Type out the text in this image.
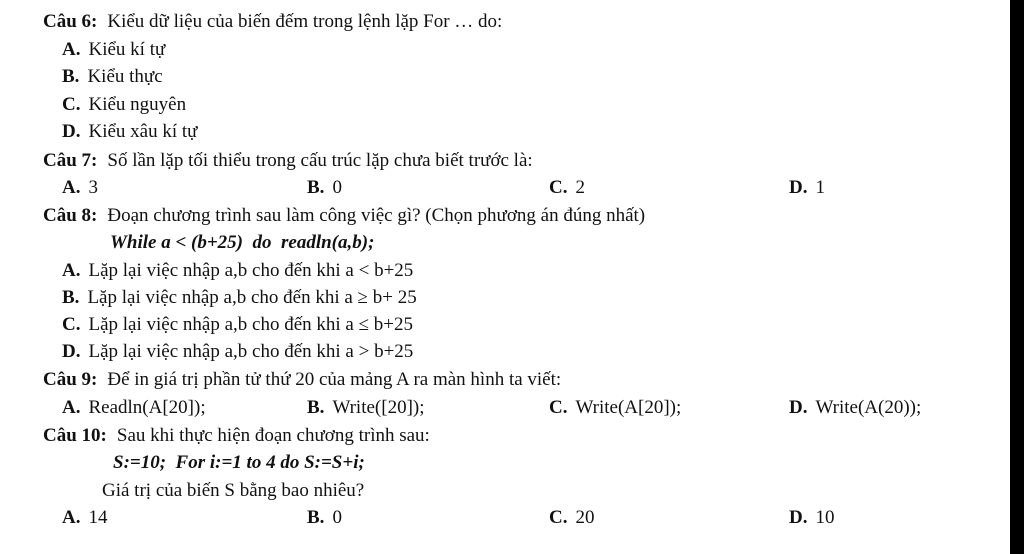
Câu 6: Kiểu dữ liệu của biến đếm trong lệnh lặp For … do:
A. Kiểu kí tự
B. Kiểu thực
C. Kiểu nguyên
D. Kiểu xâu kí tự
Câu 7: Số lần lặp tối thiểu trong cấu trúc lặp chưa biết trước là:
A. 3	B. 0	C. 2	D. 1
Câu 8: Đoạn chương trình sau làm công việc gì? (Chọn phương án đúng nhất)
While a < (b+25)  do  readln(a,b);
A. Lặp lại việc nhập a,b cho đến khi a < b+25
B. Lặp lại việc nhập a,b cho đến khi a ≥ b+ 25
C. Lặp lại việc nhập a,b cho đến khi a ≤ b+25
D. Lặp lại việc nhập a,b cho đến khi a > b+25
Câu 9: Để in giá trị phần tử thứ 20 của mảng A ra màn hình ta viết:
A. Readln(A[20]);	B. Write([20]);	C. Write(A[20]);	D. Write(A(20));
Câu 10: Sau khi thực hiện đoạn chương trình sau:
S:=10;  For i:=1 to 4 do S:=S+i;
Giá trị của biến S bằng bao nhiêu?
A. 14	B. 0	C. 20	D. 10
